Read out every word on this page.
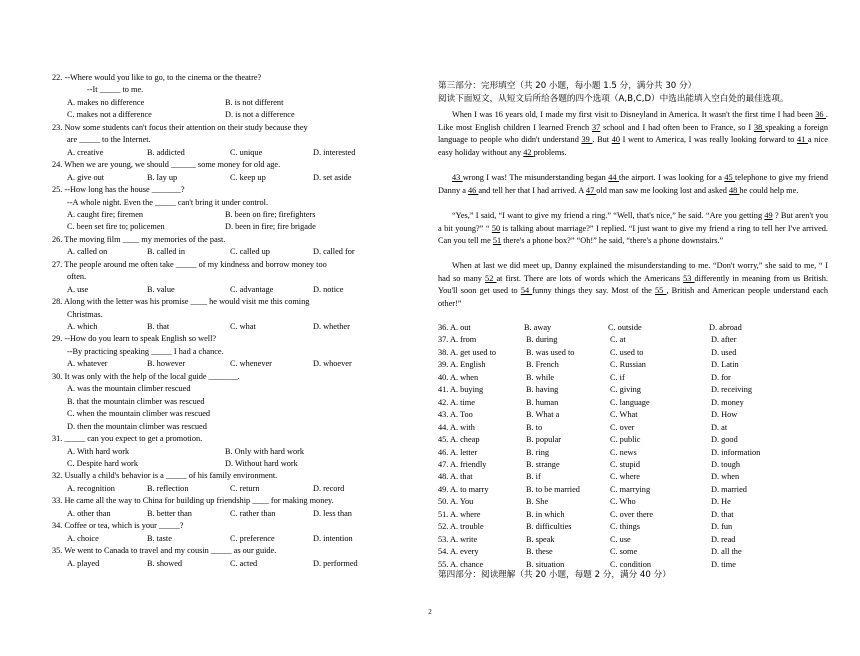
22. --Where would you like to go, to the cinema or the theatre?
--It _____ to me.
A. makes no difference	B. is not different
C. makes not a difference	D. is not a difference
23. Now some students can't focus their attention on their study because they
are _____ to the Internet.
A. creative	B. addicted	C. unique	D. interested
24. When we are young, we should ______ some money for old age.
A. give out	B. lay up	C. keep up	D. set aside
25. --How long has the house _______?
--A whole night. Even the _____ can't bring it under control.
A. caught fire; firemen	B. been on fire; firefighters
C. been set fire to; policemen	D. been in fire; fire brigade
26. The moving film ____ my memories of the past.
A. called on	B. called in	C. called up	D. called for
27. The people around me often take _____ of my kindness and borrow money too
often.
A. use	B. value	C. advantage	D. notice
28. Along with the letter was his promise ____ he would visit me this coming
Christmas.
A. which	B. that	C. what	D. whether
29. --How do you learn to speak English so well?
--By practicing speaking _____ I had a chance.
A. whatever	B. however	C. whenever	D. whoever
30. It was only with the help of the local guide _______.
A. was the mountain climber rescued
B. that the mountain climber was rescued
C. when the mountain climber was rescued
D. then the mountain climber was rescued
31. _____ can you expect to get a promotion.
A. With hard work	B. Only with hard work
C. Despite hard work	D. Without hard work
32. Usually a child's behavior is a _____ of his family environment.
A. recognition	B. reflection	C. return	D. record
33. He came all the way to China for building up friendship ____ for making money.
A. other than	B. better than	C. rather than	D. less than
34. Coffee or tea, which is your _____?
A. choice	B. taste	C. preference	D. intention
35. We went to Canada to travel and my cousin _____ as our guide.
A. played	B. showed	C. acted	D. performed
第三部分：完形填空（共 20 小题，每小题 1.5 分，满分共 30 分）
阅读下面短文，从短文后所给各题的四个选项（A,B,C,D）中选出能填入空白处的最佳选项。
When I was 16 years old, I made my first visit to Disneyland in America. It wasn't the first time I had been 36 . Like most English children I learned French 37 school and I had often been to France, so I 38 speaking a foreign language to people who didn't understand 39 . But 40 I went to America, I was really looking forward to 41 a nice easy holiday without any 42 problems.
43 wrong I was! The misunderstanding began 44 the airport. I was looking for a 45 telephone to give my friend Danny a 46 and tell her that I had arrived. A 47 old man saw me looking lost and asked 48 he could help me.
“Yes,” I said, “I want to give my friend a ring.” “Well, that's nice,” he said. “Are you getting 49 ? But aren't you a bit young?” “ 50 is talking about marriage?” I replied. “I just want to give my friend a ring to tell her I've arrived. Can you tell me 51 there's a phone box?” “Oh!” he said, “there's a phone downstairs.”
When at last we did meet up, Danny explained the misunderstanding to me. “Don't worry,” she said to me, “ I had so many 52 at first. There are lots of words which the Americans 53 differently in meaning from us British. You'll soon get used to 54 funny things they say. Most of the 55 , British and American people understand each other!”
36. A. out	B. away	C. outside	D. abroad
37. A. from	B. during	C. at	D. after
38. A. get used to	B. was used to	C. used to	D. used
39. A. English	B. French	C. Russian	D. Latin
40. A. when	B. while	C. if	D. for
41. A. buying	B. having	C. giving	D. receiving
42. A. time	B. human	C. language	D. money
43. A. Too	B. What a	C. What	D. How
44. A. with	B. to	C. over	D. at
45. A. cheap	B. popular	C. public	D. good
46. A. letter	B. ring	C. news	D. information
47. A. friendly	B. strange	C. stupid	D. tough
48. A. that	B. if	C. where	D. when
49. A. to marry	B. to be married	C. marrying	D. married
50. A. You	B. She	C. Who	D. He
51. A. where	B. in which	C. over there	D. that
52. A. trouble	B. difficulties	C. things	D. fun
53. A. write	B. speak	C. use	D. read
54. A. every	B. these	C. some	D. all the
55. A. chance	B. situation	C. condition	D. time
第四部分：阅读理解（共 20 小题，每题 2 分，满分 40 分）
2
